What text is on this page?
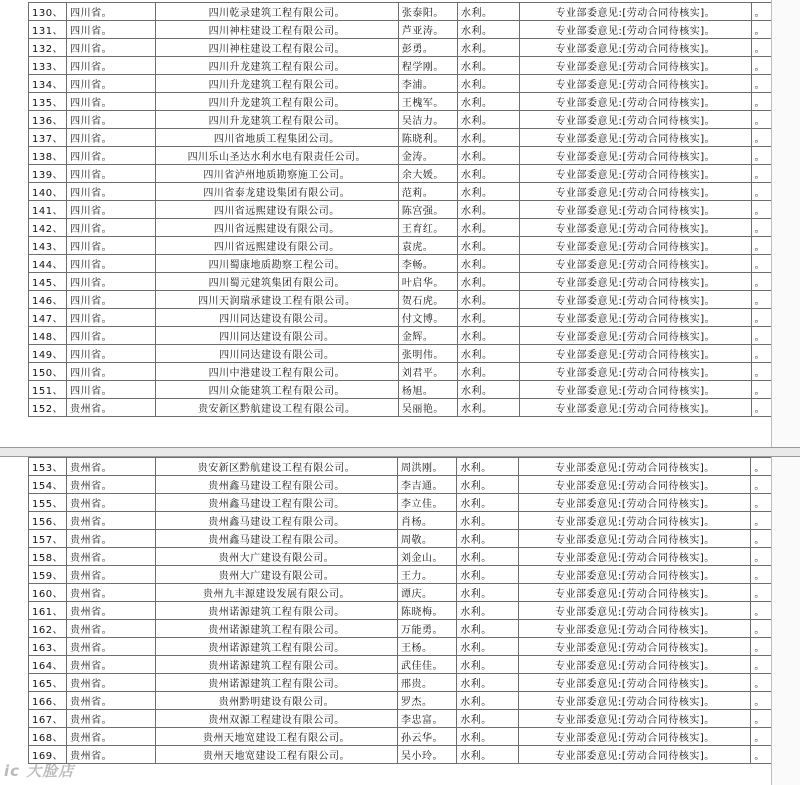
130、	四川省。	四川乾录建筑工程有限公司。	张泰阳。	水利。	专业部委意见:[劳动合同待核实]。	。
131、	四川省。	四川神柱建设工程有限公司。	芦亚涛。	水利。	专业部委意见:[劳动合同待核实]。	。
132、	四川省。	四川神柱建设工程有限公司。	彭勇。	水利。	专业部委意见:[劳动合同待核实]。	。
133、	四川省。	四川升龙建筑工程有限公司。	程学刚。	水利。	专业部委意见:[劳动合同待核实]。	。
134、	四川省。	四川升龙建筑工程有限公司。	李浦。	水利。	专业部委意见:[劳动合同待核实]。	。
135、	四川省。	四川升龙建筑工程有限公司。	王槐军。	水利。	专业部委意见:[劳动合同待核实]。	。
136、	四川省。	四川升龙建筑工程有限公司。	吴洁力。	水利。	专业部委意见:[劳动合同待核实]。	。
137、	四川省。	四川省地质工程集团公司。	陈晓利。	水利。	专业部委意见:[劳动合同待核实]。	。
138、	四川省。	四川乐山圣达水利水电有限责任公司。	金涛。	水利。	专业部委意见:[劳动合同待核实]。	。
139、	四川省。	四川省泸州地质勘察施工公司。	余大媛。	水利。	专业部委意见:[劳动合同待核实]。	。
140、	四川省。	四川省泰龙建设集团有限公司。	范莉。	水利。	专业部委意见:[劳动合同待核实]。	。
141、	四川省。	四川省远熙建设有限公司。	陈宫强。	水利。	专业部委意见:[劳动合同待核实]。	。
142、	四川省。	四川省远熙建设有限公司。	王育红。	水利。	专业部委意见:[劳动合同待核实]。	。
143、	四川省。	四川省远熙建设有限公司。	袁虎。	水利。	专业部委意见:[劳动合同待核实]。	。
144、	四川省。	四川蜀康地质勘察工程公司。	李畅。	水利。	专业部委意见:[劳动合同待核实]。	。
145、	四川省。	四川蜀元建筑集团有限公司。	叶启华。	水利。	专业部委意见:[劳动合同待核实]。	。
146、	四川省。	四川天润瑞承建设工程有限公司。	贺石虎。	水利。	专业部委意见:[劳动合同待核实]。	。
147、	四川省。	四川同达建设有限公司。	付文博。	水利。	专业部委意见:[劳动合同待核实]。	。
148、	四川省。	四川同达建设有限公司。	金辉。	水利。	专业部委意见:[劳动合同待核实]。	。
149、	四川省。	四川同达建设有限公司。	张明伟。	水利。	专业部委意见:[劳动合同待核实]。	。
150、	四川省。	四川中港建设工程有限公司。	刘君平。	水利。	专业部委意见:[劳动合同待核实]。	。
151、	四川省。	四川众能建筑工程有限公司。	杨旭。	水利。	专业部委意见:[劳动合同待核实]。	。
152、	贵州省。	贵安新区黔航建设工程有限公司。	吴丽艳。	水利。	专业部委意见:[劳动合同待核实]。	。
153、	贵州省。	贵安新区黔航建设工程有限公司。	周洪刚。	水利。	专业部委意见:[劳动合同待核实]。	。
154、	贵州省。	贵州鑫马建设工程有限公司。	李吉通。	水利。	专业部委意见:[劳动合同待核实]。	。
155、	贵州省。	贵州鑫马建设工程有限公司。	李立佳。	水利。	专业部委意见:[劳动合同待核实]。	。
156、	贵州省。	贵州鑫马建设工程有限公司。	肖杨。	水利。	专业部委意见:[劳动合同待核实]。	。
157、	贵州省。	贵州鑫马建设工程有限公司。	周敬。	水利。	专业部委意见:[劳动合同待核实]。	。
158、	贵州省。	贵州大广建设有限公司。	刘金山。	水利。	专业部委意见:[劳动合同待核实]。	。
159、	贵州省。	贵州大广建设有限公司。	王力。	水利。	专业部委意见:[劳动合同待核实]。	。
160、	贵州省。	贵州九丰源建设发展有限公司。	谭庆。	水利。	专业部委意见:[劳动合同待核实]。	。
161、	贵州省。	贵州诺源建筑工程有限公司。	陈晓梅。	水利。	专业部委意见:[劳动合同待核实]。	。
162、	贵州省。	贵州诺源建筑工程有限公司。	万能勇。	水利。	专业部委意见:[劳动合同待核实]。	。
163、	贵州省。	贵州诺源建筑工程有限公司。	王杨。	水利。	专业部委意见:[劳动合同待核实]。	。
164、	贵州省。	贵州诺源建筑工程有限公司。	武佳佳。	水利。	专业部委意见:[劳动合同待核实]。	。
165、	贵州省。	贵州诺源建筑工程有限公司。	邢贵。	水利。	专业部委意见:[劳动合同待核实]。	。
166、	贵州省。	贵州黔明建设有限公司。	罗杰。	水利。	专业部委意见:[劳动合同待核实]。	。
167、	贵州省。	贵州双源工程建设有限公司。	李忠富。	水利。	专业部委意见:[劳动合同待核实]。	。
168、	贵州省。	贵州天地宽建设工程有限公司。	孙云华。	水利。	专业部委意见:[劳动合同待核实]。	。
169、	贵州省。	贵州天地宽建设工程有限公司。	吴小玲。	水利。	专业部委意见:[劳动合同待核实]。	。
ic 大脸店
